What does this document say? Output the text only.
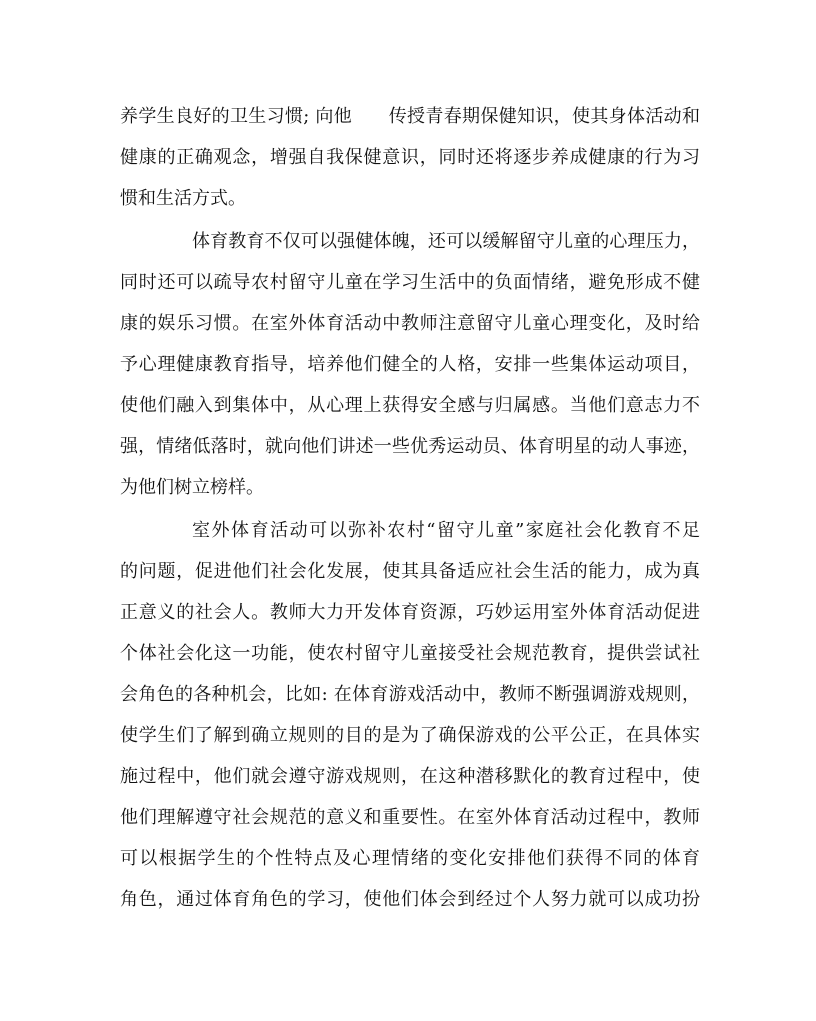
养学生良好的卫生习惯; 向他　　传授青春期保健知识，使其身体活动和
健康的正确观念，增强自我保健意识，同时还将逐步养成健康的行为习
惯和生活方式。
体育教育不仅可以强健体魄，还可以缓解留守儿童的心理压力，
同时还可以疏导农村留守儿童在学习生活中的负面情绪，避免形成不健
康的娱乐习惯。在室外体育活动中教师注意留守儿童心理变化，及时给
予心理健康教育指导，培养他们健全的人格，安排一些集体运动项目，
使他们融入到集体中，从心理上获得安全感与归属感。当他们意志力不
强，情绪低落时，就向他们讲述一些优秀运动员、体育明星的动人事迹，
为他们树立榜样。
室外体育活动可以弥补农村“留守儿童”家庭社会化教育不足
的问题，促进他们社会化发展，使其具备适应社会生活的能力，成为真
正意义的社会人。教师大力开发体育资源，巧妙运用室外体育活动促进
个体社会化这一功能，使农村留守儿童接受社会规范教育，提供尝试社
会角色的各种机会，比如: 在体育游戏活动中，教师不断强调游戏规则，
使学生们了解到确立规则的目的是为了确保游戏的公平公正，在具体实
施过程中，他们就会遵守游戏规则，在这种潜移默化的教育过程中，使
他们理解遵守社会规范的意义和重要性。在室外体育活动过程中，教师
可以根据学生的个性特点及心理情绪的变化安排他们获得不同的体育
角色，通过体育角色的学习，使他们体会到经过个人努力就可以成功扮
